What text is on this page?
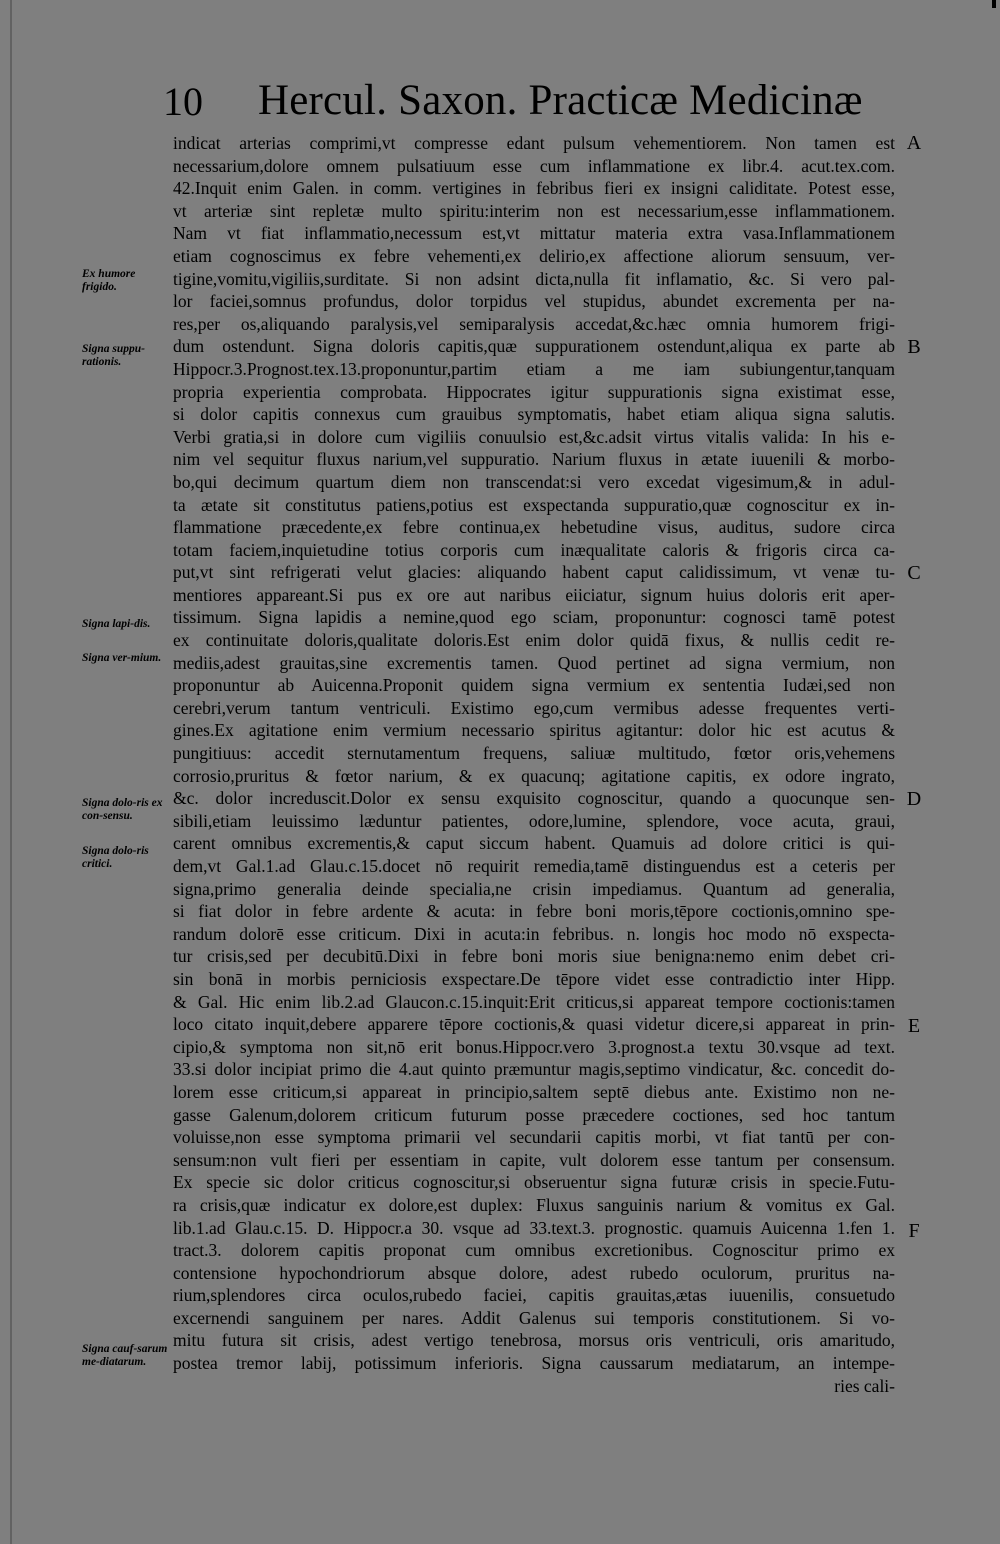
10 Hercul. Saxon. Practicæ Medicinæ
indicat arterias comprimi,vt compresse edant pulsum vehementiorem. Non tamen est
necessarium,dolore omnem pulsatiuum esse cum inflammatione ex libr.4. acut.tex.com.
42.Inquit enim Galen. in comm. vertigines in febribus fieri ex insigni caliditate. Potest esse,
vt arteriæ sint repletæ multo spiritu:interim non est necessarium,esse inflammationem.
Nam vt fiat inflammatio,necessum est,vt mittatur materia extra vasa.Inflammationem
etiam cognoscimus ex febre vehementi,ex delirio,ex affectione aliorum sensuum, ver-
tigine,vomitu,vigiliis,surditate. Si non adsint dicta,nulla fit inflamatio, &c. Si vero pal-
lor faciei,somnus profundus, dolor torpidus vel stupidus, abundet excrementa per na-
res,per os,aliquando paralysis,vel semiparalysis accedat,&c.hæc omnia humorem frigi-
dum ostendunt. Signa doloris capitis,quæ suppurationem ostendunt,aliqua ex parte ab
Hippocr.3.Prognost.tex.13.proponuntur,partim etiam a me iam subiungentur,tanquam
propria experientia comprobata. Hippocrates igitur suppurationis signa existimat esse,
si dolor capitis connexus cum grauibus symptomatis, habet etiam aliqua signa salutis.
Verbi gratia,si in dolore cum vigiliis conuulsio est,&c.adsit virtus vitalis valida: In his e-
nim vel sequitur fluxus narium,vel suppuratio. Narium fluxus in ætate iuuenili & morbo-
bo,qui decimum quartum diem non transcendat:si vero excedat vigesimum,& in adul-
ta ætate sit constitutus patiens,potius est exspectanda suppuratio,quæ cognoscitur ex in-
flammatione præcedente,ex febre continua,ex hebetudine visus, auditus, sudore circa
totam faciem,inquietudine totius corporis cum inæqualitate caloris & frigoris circa ca-
put,vt sint refrigerati velut glacies: aliquando habent caput calidissimum, vt venæ tu-
mentiores appareant.Si pus ex ore aut naribus eiiciatur, signum huius doloris erit aper-
tissimum. Signa lapidis a nemine,quod ego sciam, proponuntur: cognosci tamē potest
ex continuitate doloris,qualitate doloris.Est enim dolor quidā fixus, & nullis cedit re-
mediis,adest grauitas,sine excrementis tamen. Quod pertinet ad signa vermium, non
proponuntur ab Auicenna.Proponit quidem signa vermium ex sententia Iudæi,sed non
cerebri,verum tantum ventriculi. Existimo ego,cum vermibus adesse frequentes verti-
gines.Ex agitatione enim vermium necessario spiritus agitantur: dolor hic est acutus &
pungitiuus: accedit sternutamentum frequens, saliuæ multitudo, fœtor oris,vehemens
corrosio,pruritus & fœtor narium, & ex quacunq; agitatione capitis, ex odore ingrato,
&c. dolor increduscit.Dolor ex sensu exquisito cognoscitur, quando a quocunque sen-
sibili,etiam leuissimo læduntur patientes, odore,lumine, splendore, voce acuta, graui,
carent omnibus excrementis,& caput siccum habent. Quamuis ad dolore critici is qui-
dem,vt Gal.1.ad Glau.c.15.docet nō requirit remedia,tamē distinguendus est a ceteris per
signa,primo generalia deinde specialia,ne crisin impediamus. Quantum ad generalia,
si fiat dolor in febre ardente & acuta: in febre boni moris,tēpore coctionis,omnino spe-
randum dolorē esse criticum. Dixi in acuta:in febribus. n. longis hoc modo nō exspecta-
tur crisis,sed per decubitū.Dixi in febre boni moris siue benigna:nemo enim debet cri-
sin bonā in morbis perniciosis exspectare.De tēpore videt esse contradictio inter Hipp.
& Gal. Hic enim lib.2.ad Glaucon.c.15.inquit:Erit criticus,si appareat tempore coctionis:tamen
loco citato inquit,debere apparere tēpore coctionis,& quasi videtur dicere,si appareat in prin-
cipio,& symptoma non sit,nō erit bonus.Hippocr.vero 3.prognost.a textu 30.vsque ad text.
33.si dolor incipiat primo die 4.aut quinto præmuntur magis,septimo vindicatur, &c. concedit do-
lorem esse criticum,si appareat in principio,saltem septē diebus ante. Existimo non ne-
gasse Galenum,dolorem criticum futurum posse præcedere coctiones, sed hoc tantum
voluisse,non esse symptoma primarii vel secundarii capitis morbi, vt fiat tantū per con-
sensum:non vult fieri per essentiam in capite, vult dolorem esse tantum per consensum.
Ex specie sic dolor criticus cognoscitur,si obseruentur signa futuræ crisis in specie.Futu-
ra crisis,quæ indicatur ex dolore,est duplex: Fluxus sanguinis narium & vomitus ex Gal.
lib.1.ad Glau.c.15. D. Hippocr.a 30. vsque ad 33.text.3. prognostic. quamuis Auicenna 1.fen 1.
tract.3. dolorem capitis proponat cum omnibus excretionibus. Cognoscitur primo ex
contensione hypochondriorum absque dolore, adest rubedo oculorum, pruritus na-
rium,splendores circa oculos,rubedo faciei, capitis grauitas,ætas iuuenilis, consuetudo
excernendi sanguinem per nares. Addit Galenus sui temporis constitutionem. Si vo-
mitu futura sit crisis, adest vertigo tenebrosa, morsus oris ventriculi, oris amaritudo,
postea tremor labij, potissimum inferioris. Signa caussarum mediatarum, an intempe-
ries cali-
A
B
C
D
E
F
Ex humore frigido.
Signa suppu-rationis.
Signa lapi-dis.
Signa ver-mium.
Signa dolo-ris ex con-sensu.
Signa dolo-ris critici.
Signa cauf-sarum me-diatarum.
